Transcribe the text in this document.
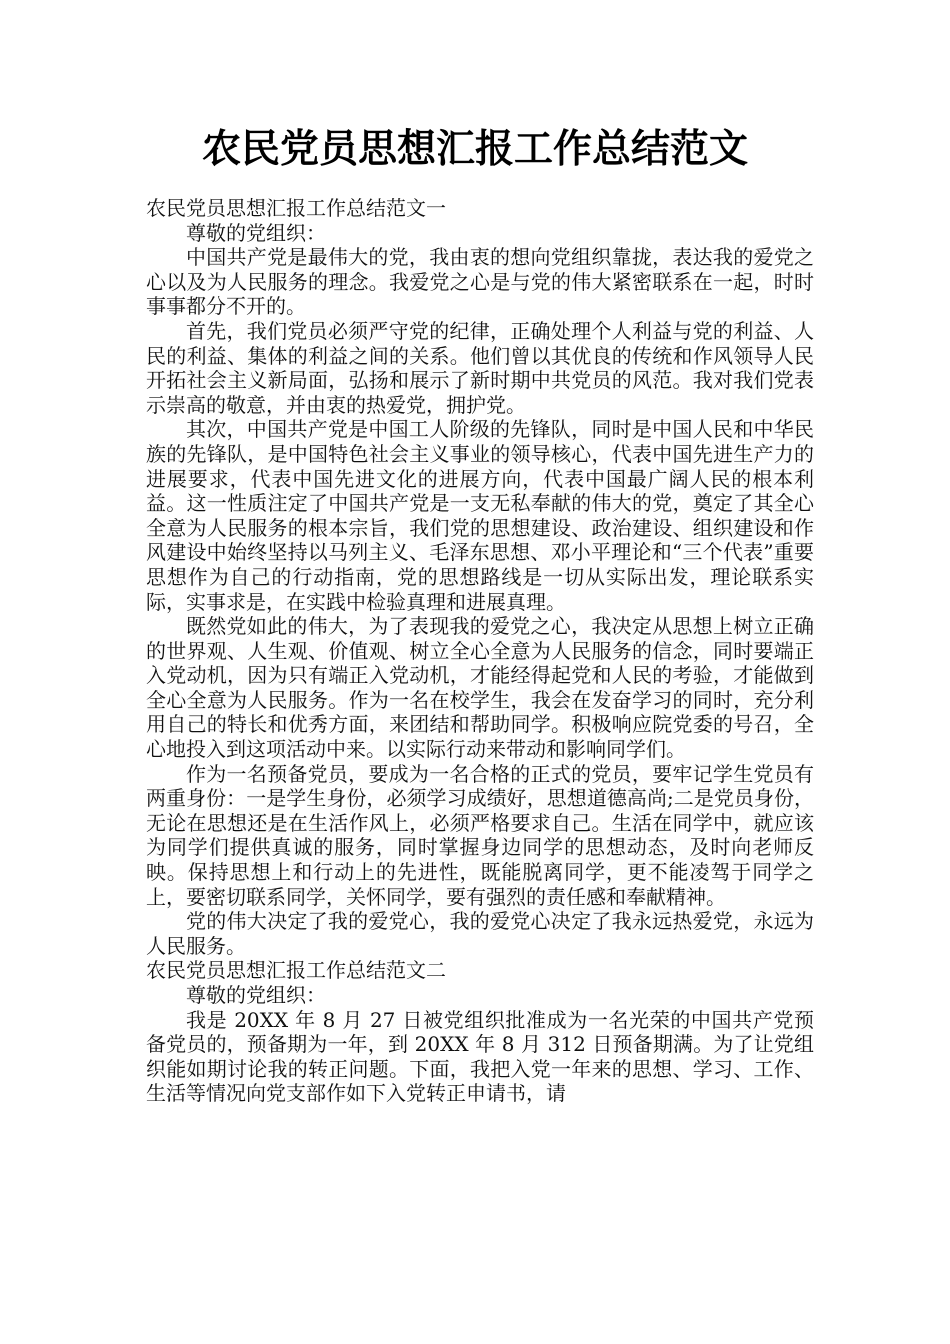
农民党员思想汇报工作总结范文

农民党员思想汇报工作总结范文一

尊敬的党组织：

中国共产党是最伟大的党，我由衷的想向党组织靠拢，表达我的爱党之心以及为人民服务的理念。我爱党之心是与党的伟大紧密联系在一起，时时事事都分不开的。

首先，我们党员必须严守党的纪律，正确处理个人利益与党的利益、人民的利益、集体的利益之间的关系。他们曾以其优良的传统和作风领导人民开拓社会主义新局面，弘扬和展示了新时期中共党员的风范。我对我们党表示崇高的敬意，并由衷的热爱党，拥护党。

其次，中国共产党是中国工人阶级的先锋队，同时是中国人民和中华民族的先锋队，是中国特色社会主义事业的领导核心，代表中国先进生产力的进展要求，代表中国先进文化的进展方向，代表中国最广阔人民的根本利益。这一性质注定了中国共产党是一支无私奉献的伟大的党，奠定了其全心全意为人民服务的根本宗旨，我们党的思想建设、政治建设、组织建设和作风建设中始终坚持以马列主义、毛泽东思想、邓小平理论和“三个代表”重要思想作为自己的行动指南，党的思想路线是一切从实际出发，理论联系实际，实事求是，在实践中检验真理和进展真理。

既然党如此的伟大，为了表现我的爱党之心，我决定从思想上树立正确的世界观、人生观、价值观、树立全心全意为人民服务的信念，同时要端正入党动机，因为只有端正入党动机，才能经得起党和人民的考验，才能做到全心全意为人民服务。作为一名在校学生，我会在发奋学习的同时，充分利用自己的特长和优秀方面，来团结和帮助同学。积极响应院党委的号召，全心地投入到这项活动中来。以实际行动来带动和影响同学们。

作为一名预备党员，要成为一名合格的正式的党员，要牢记学生党员有两重身份：一是学生身份，必须学习成绩好，思想道德高尚;二是党员身份，无论在思想还是在生活作风上，必须严格要求自己。生活在同学中，就应该为同学们提供真诚的服务，同时掌握身边同学的思想动态，及时向老师反映。保持思想上和行动上的先进性，既能脱离同学，更不能凌驾于同学之上，要密切联系同学，关怀同学，要有强烈的责任感和奉献精神。

党的伟大决定了我的爱党心，我的爱党心决定了我永远热爱党，永远为人民服务。

农民党员思想汇报工作总结范文二

尊敬的党组织：

我是 20XX 年 8 月 27 日被党组织批准成为一名光荣的中国共产党预备党员的，预备期为一年，到 20XX 年 8 月 312 日预备期满。为了让党组织能如期讨论我的转正问题。下面，我把入党一年来的思想、学习、工作、生活等情况向党支部作如下入党转正申请书，请
